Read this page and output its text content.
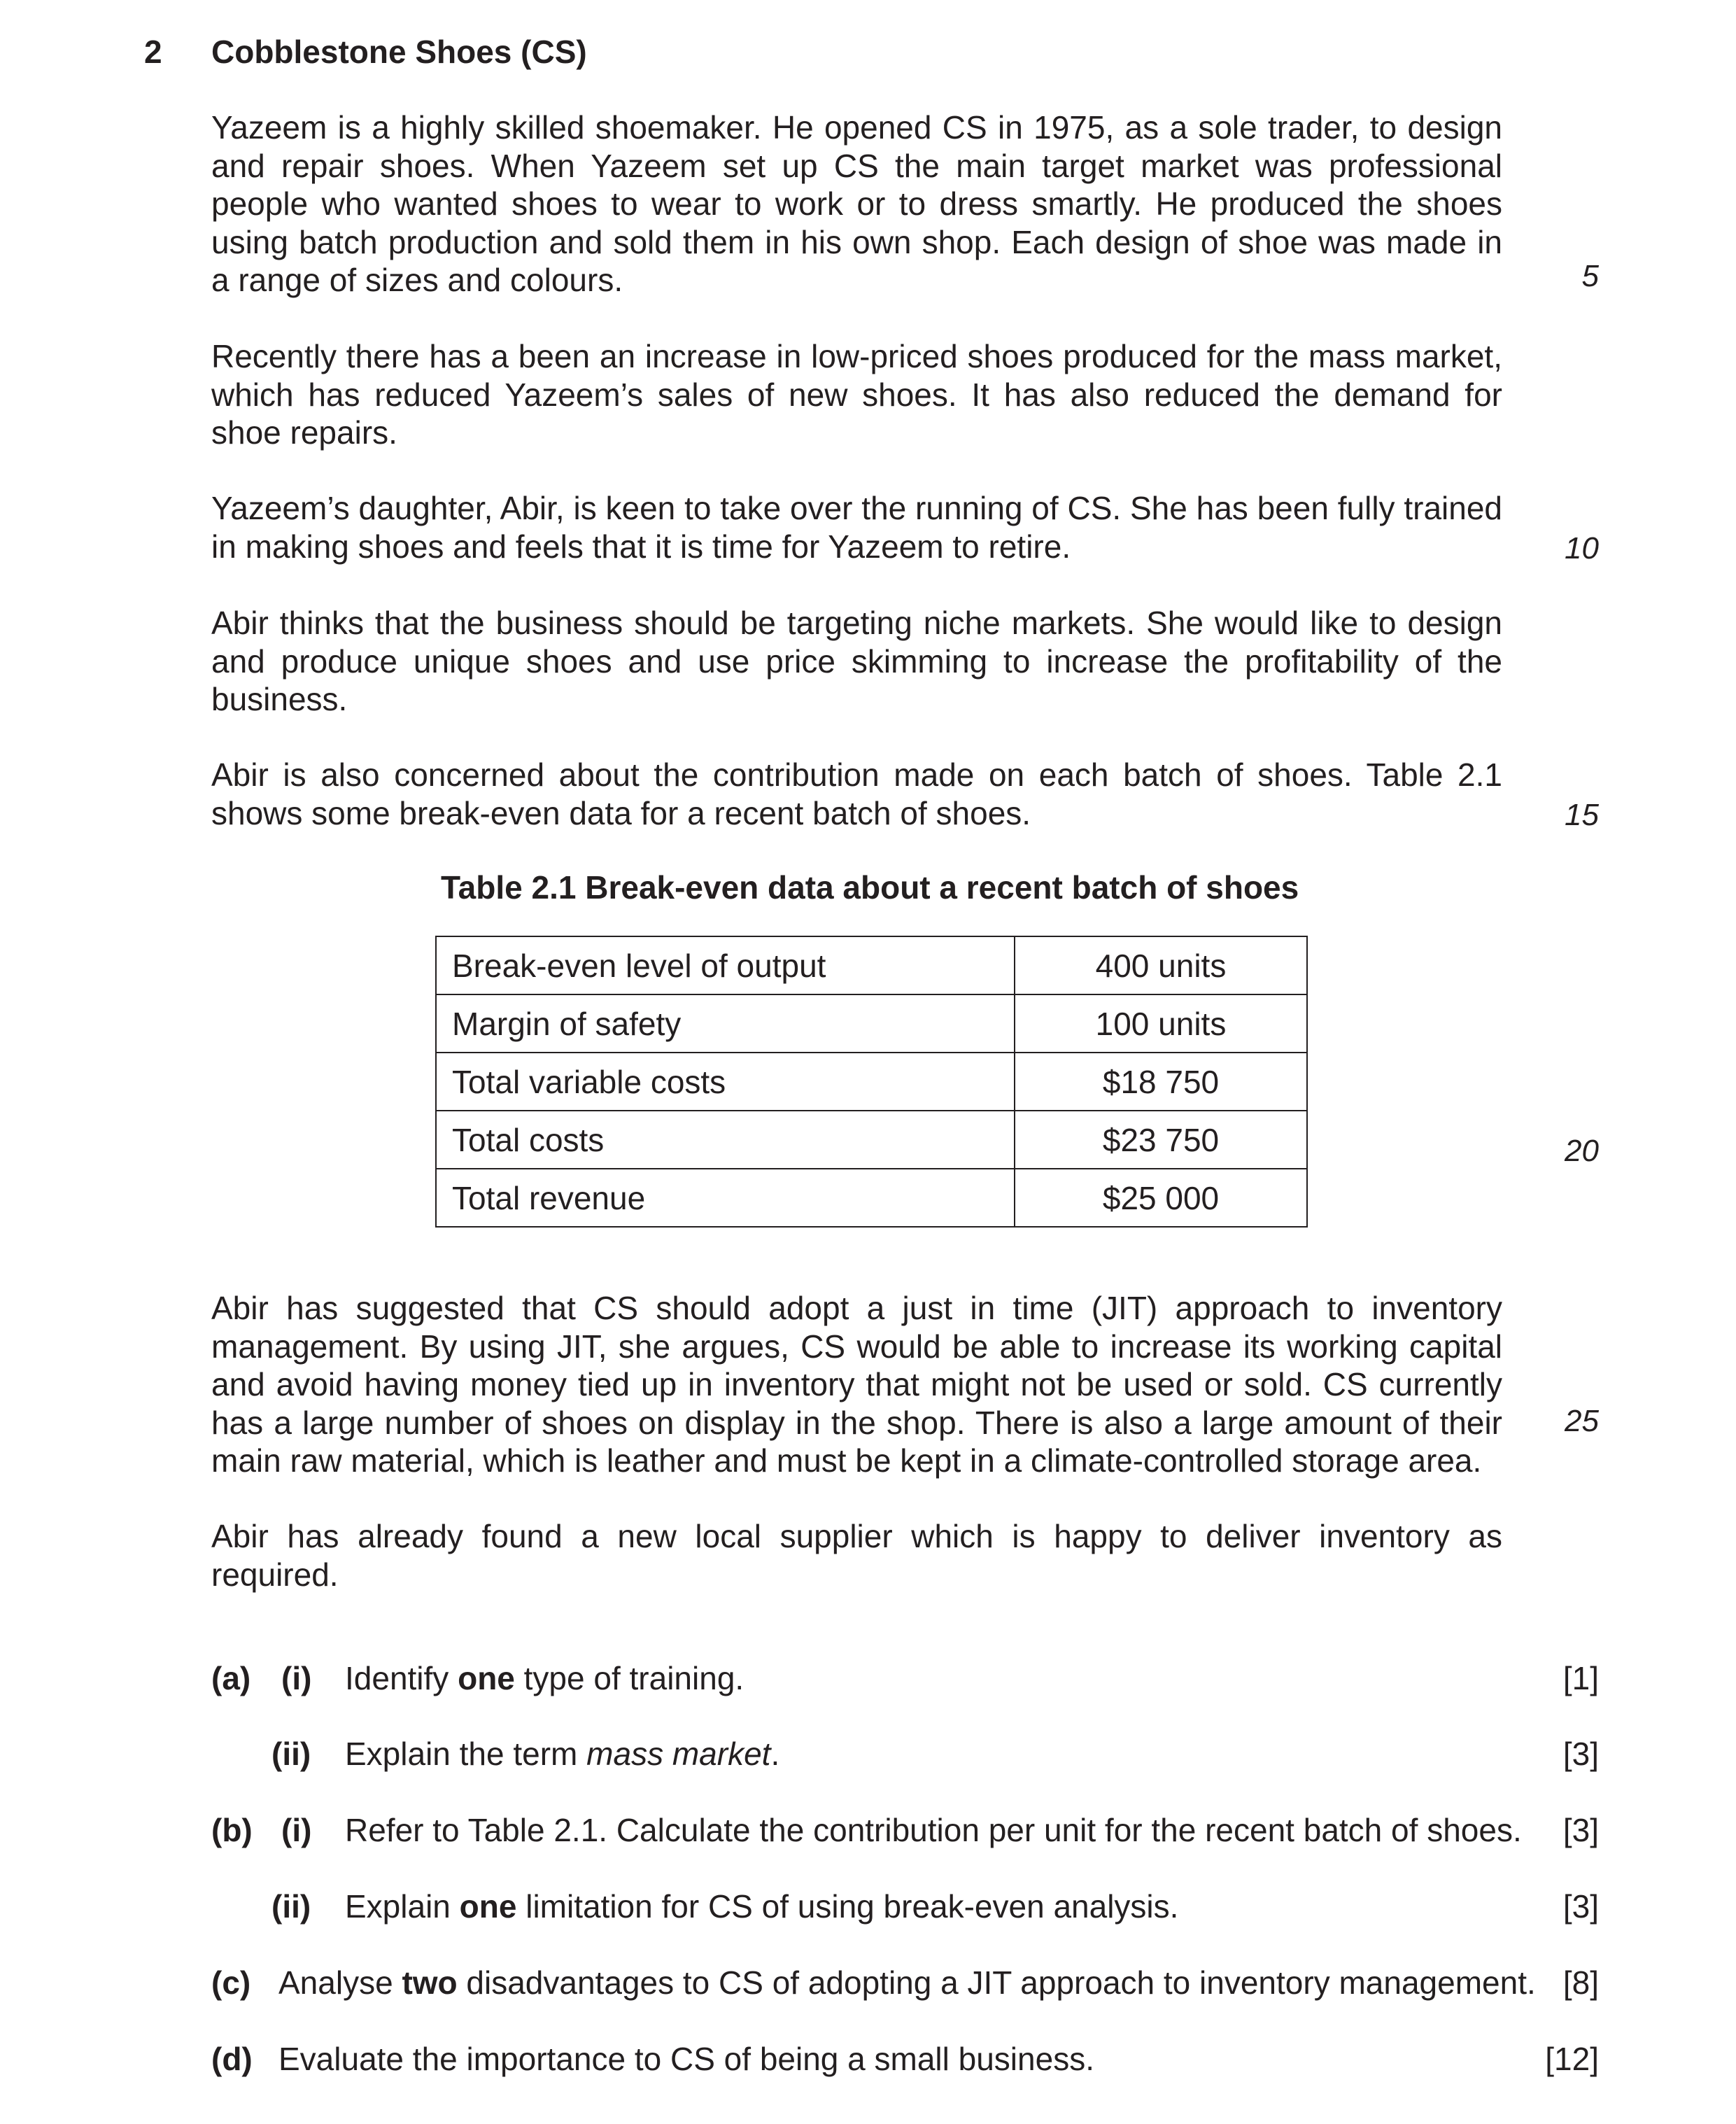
2 Cobblestone Shoes (CS)

Yazeem is a highly skilled shoemaker. He opened CS in 1975, as a sole trader, to design and repair shoes. When Yazeem set up CS the main target market was professional people who wanted shoes to wear to work or to dress smartly. He produced the shoes using batch production and sold them in his own shop. Each design of shoe was made in a range of sizes and colours.	5

Recently there has a been an increase in low-priced shoes produced for the mass market, which has reduced Yazeem’s sales of new shoes. It has also reduced the demand for shoe repairs.

Yazeem’s daughter, Abir, is keen to take over the running of CS. She has been fully trained in making shoes and feels that it is time for Yazeem to retire.	10

Abir thinks that the business should be targeting niche markets. She would like to design and produce unique shoes and use price skimming to increase the profitability of the business.

Abir is also concerned about the contribution made on each batch of shoes. Table 2.1 shows some break-even data for a recent batch of shoes.	15
Table 2.1 Break-even data about a recent batch of shoes
Break-even level of output	400 units
Margin of safety	100 units
Total variable costs	$18 750
Total costs	$23 750
Total revenue	$25 000
20

Abir has suggested that CS should adopt a just in time (JIT) approach to inventory management. By using JIT, she argues, CS would be able to increase its working capital and avoid having money tied up in inventory that might not be used or sold. CS currently has a large number of shoes on display in the shop. There is also a large amount of their main raw material, which is leather and must be kept in a climate-controlled storage area.

25

Abir has already found a new local supplier which is happy to deliver inventory as required.

(a) (i) Identify one type of training.	[1]
(ii) Explain the term mass market.	[3]
(b) (i) Refer to Table 2.1. Calculate the contribution per unit for the recent batch of shoes. [3]
(ii) Explain one limitation for CS of using break-even analysis.	[3]
(c) Analyse two disadvantages to CS of adopting a JIT approach to inventory management. [8]
(d) Evaluate the importance to CS of being a small business.	[12]
